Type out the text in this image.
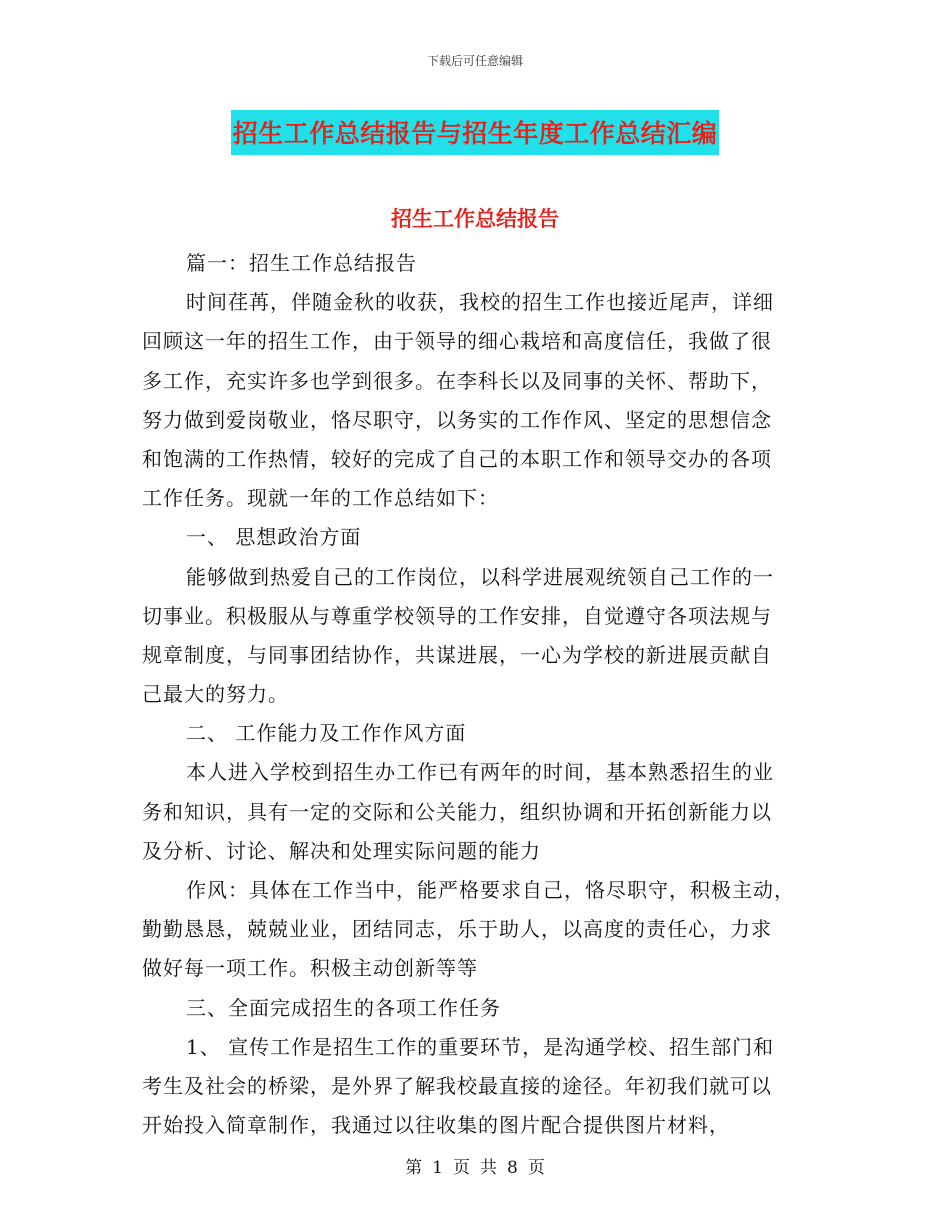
下载后可任意编辑
招生工作总结报告与招生年度工作总结汇编
招生工作总结报告
篇一：招生工作总结报告
时间荏苒，伴随金秋的收获，我校的招生工作也接近尾声，详细
回顾这一年的招生工作，由于领导的细心栽培和高度信任，我做了很
多工作，充实许多也学到很多。在李科长以及同事的关怀、帮助下，
努力做到爱岗敬业，恪尽职守，以务实的工作作风、坚定的思想信念
和饱满的工作热情，较好的完成了自己的本职工作和领导交办的各项
工作任务。现就一年的工作总结如下：
一、 思想政治方面
能够做到热爱自己的工作岗位，以科学进展观统领自己工作的一
切事业。积极服从与尊重学校领导的工作安排，自觉遵守各项法规与
规章制度，与同事团结协作，共谋进展，一心为学校的新进展贡献自
己最大的努力。
二、 工作能力及工作作风方面
本人进入学校到招生办工作已有两年的时间，基本熟悉招生的业
务和知识，具有一定的交际和公关能力，组织协调和开拓创新能力以
及分析、讨论、解决和处理实际问题的能力
作风：具体在工作当中，能严格要求自己，恪尽职守，积极主动，
勤勤恳恳，兢兢业业，团结同志，乐于助人，以高度的责任心，力求
做好每一项工作。积极主动创新等等
三、全面完成招生的各项工作任务
1、 宣传工作是招生工作的重要环节，是沟通学校、招生部门和
考生及社会的桥梁，是外界了解我校最直接的途径。年初我们就可以
开始投入简章制作，我通过以往收集的图片配合提供图片材料，
第 1 页 共 8 页
